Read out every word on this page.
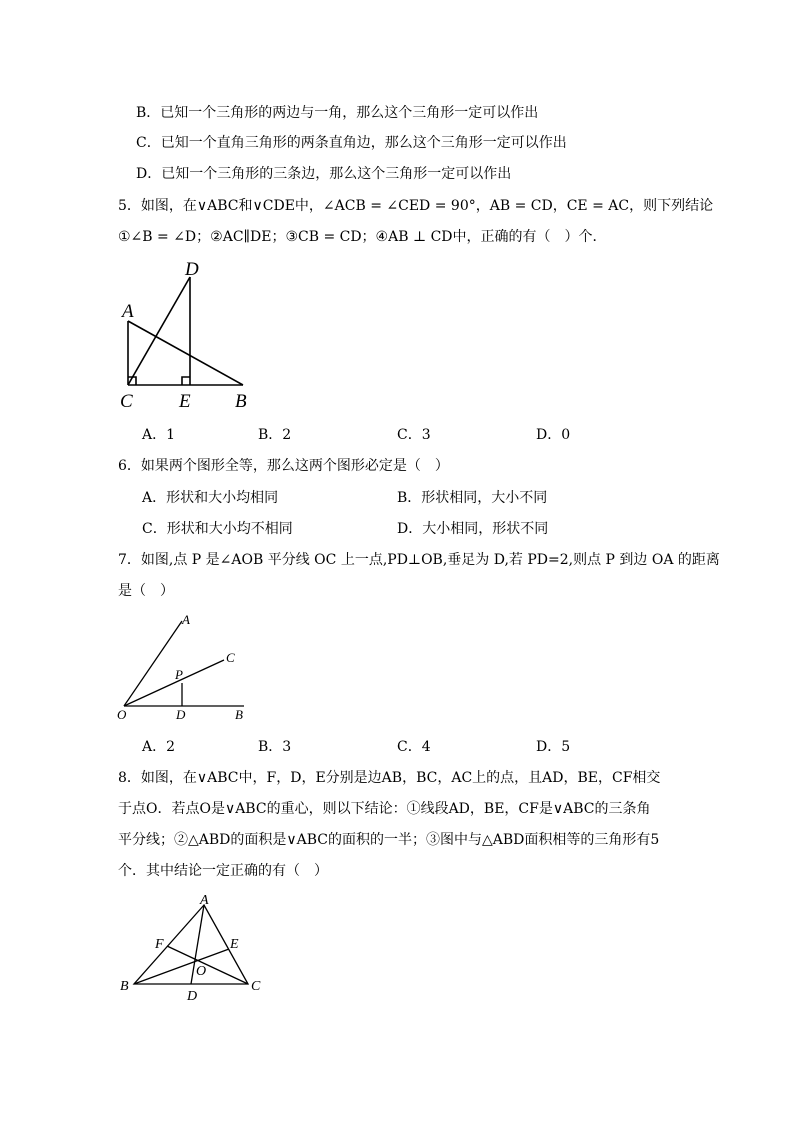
B．已知一个三角形的两边与一角，那么这个三角形一定可以作出
C．已知一个直角三角形的两条直角边，那么这个三角形一定可以作出
D．已知一个三角形的三条边，那么这个三角形一定可以作出
5．如图，在∨ABC和∨CDE中，∠ACB = ∠CED = 90°，AB = CD，CE = AC，则下列结论
①∠B = ∠D；②AC∥DE；③CB = CD；④AB ⊥ CD中，正确的有（　）个．
D
A
C E B
A．1	B．2	C．3	D．0
6．如果两个图形全等，那么这两个图形必定是（　）
A．形状和大小均相同	B．形状相同，大小不同
C．形状和大小均不相同	D．大小相同，形状不同
7．如图,点 P 是∠AOB 平分线 OC 上一点,PD⊥OB,垂足为 D,若 PD=2,则点 P 到边 OA 的距离
是（　）
A
C
P
O	D	B
A．2	B．3	C．4	D．5
8．如图，在∨ABC中，F，D，E分别是边AB，BC，AC上的点，且AD，BE，CF相交
于点O．若点O是∨ABC的重心，则以下结论：①线段AD，BE，CF是∨ABC的三条角
平分线；②△ABD的面积是∨ABC的面积的一半；③图中与△ABD面积相等的三角形有5
个．其中结论一定正确的有（　）
A
F	E
O
B
D
C
